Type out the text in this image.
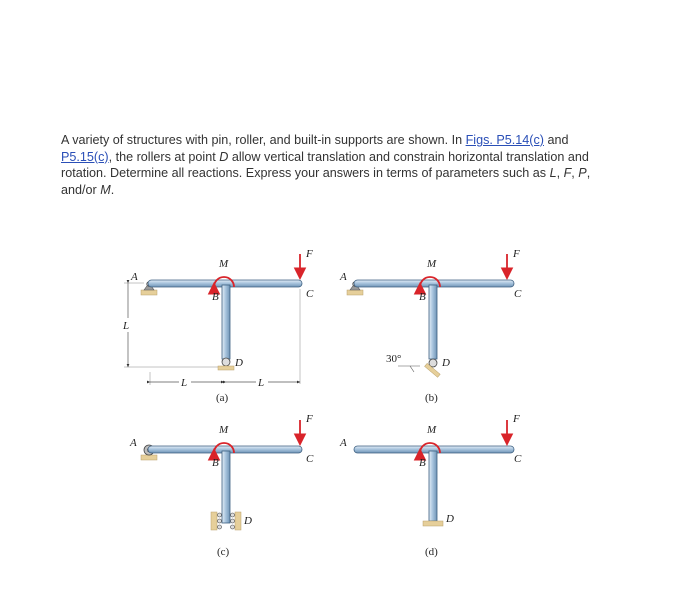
A variety of structures with pin, roller, and built-in supports are shown. In Figs. P5.14(c) and P5.15(c), the rollers at point D allow vertical translation and constrain horizontal translation and rotation. Determine all reactions. Express your answers in terms of parameters such as L, F, P, and/or M.
L
L	L
A
B	C
D
M
F
(a)
30°
A
B	C
D
M
F
(b)
A
B	C
D
M
F
(c)
A
B	C
D
M
F
(d)
